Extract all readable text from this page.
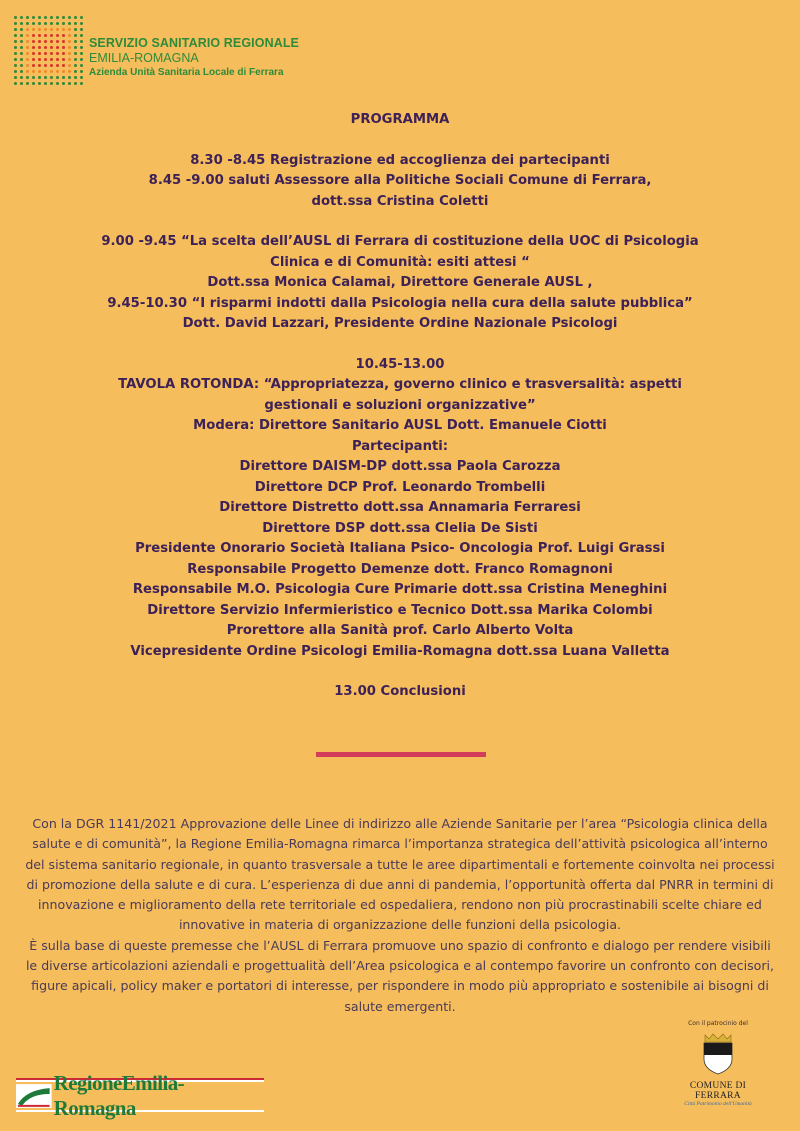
SERVIZIO SANITARIO REGIONALE
EMILIA-ROMAGNA
Azienda Unità Sanitaria Locale di Ferrara

PROGRAMMA

8.30 -8.45 Registrazione ed accoglienza dei partecipanti

8.45 -9.00 saluti Assessore alla Politiche Sociali Comune di Ferrara,

dott.ssa Cristina Coletti

9.00 -9.45 “La scelta dell’AUSL di Ferrara di costituzione della UOC di Psicologia

Clinica e di Comunità: esiti attesi “

Dott.ssa Monica Calamai, Direttore Generale AUSL ,

9.45-10.30 “I risparmi indotti dalla Psicologia nella cura della salute pubblica”

Dott. David Lazzari, Presidente Ordine Nazionale Psicologi

10.45-13.00

TAVOLA ROTONDA: “Appropriatezza, governo clinico e trasversalità: aspetti

gestionali e soluzioni organizzative”

Modera: Direttore Sanitario AUSL Dott. Emanuele Ciotti

Partecipanti:

Direttore DAISM-DP dott.ssa Paola Carozza

Direttore DCP Prof. Leonardo Trombelli

Direttore Distretto dott.ssa Annamaria Ferraresi

Direttore DSP dott.ssa Clelia De Sisti

Presidente Onorario Società Italiana Psico- Oncologia Prof. Luigi Grassi

Responsabile Progetto Demenze dott. Franco Romagnoni

Responsabile M.O. Psicologia Cure Primarie dott.ssa Cristina Meneghini

Direttore Servizio Infermieristico e Tecnico Dott.ssa Marika Colombi

Prorettore alla Sanità prof. Carlo Alberto Volta

Vicepresidente Ordine Psicologi Emilia-Romagna dott.ssa Luana Valletta

13.00 Conclusioni

Con la DGR 1141/2021 Approvazione delle Linee di indirizzo alle Aziende Sanitarie per l’area “Psicologia clinica della salute e di comunità”, la Regione Emilia-Romagna rimarca l’importanza strategica dell’attività psicologica all’interno del sistema sanitario regionale, in quanto trasversale a tutte le aree dipartimentali e fortemente coinvolta nei processi di promozione della salute e di cura. L’esperienza di due anni di pandemia, l’opportunità offerta dal PNRR in termini di innovazione e miglioramento della rete territoriale ed ospedaliera, rendono non più procrastinabili scelte chiare ed innovative in materia di organizzazione delle funzioni della psicologia.

È sulla base di queste premesse che l’AUSL di Ferrara promuove uno spazio di confronto e dialogo per rendere visibili le diverse articolazioni aziendali e progettualità dell’Area psicologica e al contempo favorire un confronto con decisori, figure apicali, policy maker e portatori di interesse, per rispondere in modo più appropriato e sostenibile ai bisogni di salute emergenti.

RegioneEmilia-Romagna
Con il patrocinio del
COMUNE DI FERRARA
Città Patrimonio dell'Umanità
